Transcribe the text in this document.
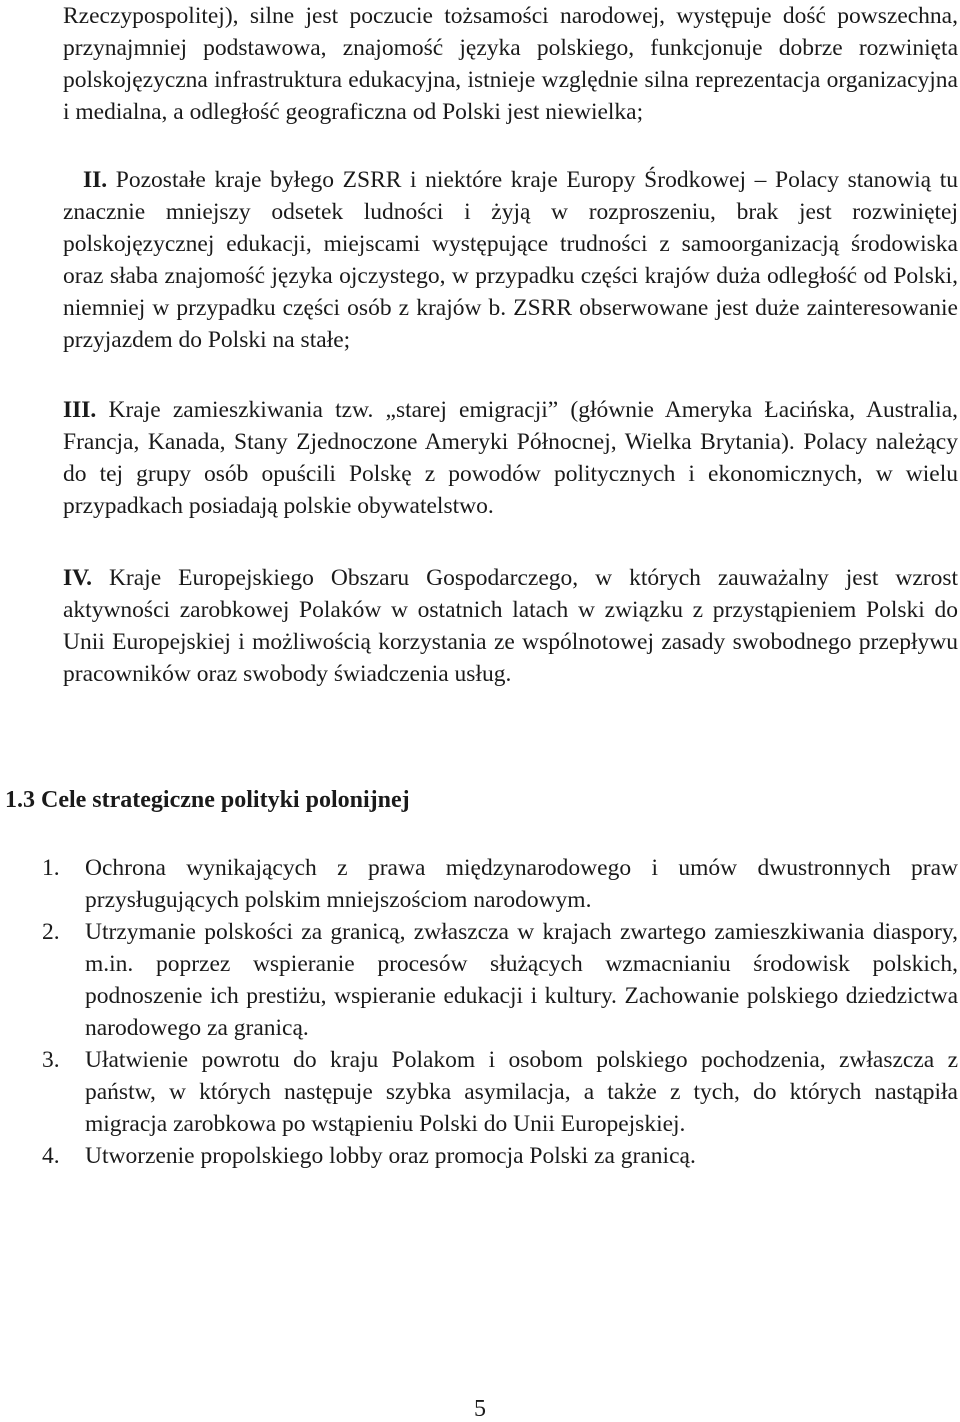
Rzeczypospolitej), silne jest poczucie tożsamości narodowej, występuje dość powszechna, przynajmniej podstawowa, znajomość języka polskiego, funkcjonuje dobrze rozwinięta polskojęzyczna infrastruktura edukacyjna, istnieje względnie silna reprezentacja organizacyjna i medialna, a odległość geograficzna od Polski jest niewielka;

II. Pozostałe kraje byłego ZSRR i niektóre kraje Europy Środkowej – Polacy stanowią tu znacznie mniejszy odsetek ludności i żyją w rozproszeniu, brak jest rozwiniętej polskojęzycznej edukacji, miejscami występujące trudności z samoorganizacją środowiska oraz słaba znajomość języka ojczystego, w przypadku części krajów duża odległość od Polski, niemniej w przypadku części osób z krajów b. ZSRR obserwowane jest duże zainteresowanie przyjazdem do Polski na stałe;

III. Kraje zamieszkiwania tzw. „starej emigracji” (głównie Ameryka Łacińska, Australia, Francja, Kanada, Stany Zjednoczone Ameryki Północnej, Wielka Brytania). Polacy należący do tej grupy osób opuścili Polskę z powodów politycznych i ekonomicznych, w wielu przypadkach posiadają polskie obywatelstwo.

IV. Kraje Europejskiego Obszaru Gospodarczego, w których zauważalny jest wzrost aktywności zarobkowej Polaków w ostatnich latach w związku z przystąpieniem Polski do Unii Europejskiej i możliwością korzystania ze wspólnotowej zasady swobodnego przepływu pracowników oraz swobody świadczenia usług.

1.3 Cele strategiczne polityki polonijnej
1. Ochrona wynikających z prawa międzynarodowego i umów dwustronnych praw przysługujących polskim mniejszościom narodowym.
2. Utrzymanie polskości za granicą, zwłaszcza w krajach zwartego zamieszkiwania diaspory, m.in. poprzez wspieranie procesów służących wzmacnianiu środowisk polskich, podnoszenie ich prestiżu, wspieranie edukacji i kultury. Zachowanie polskiego dziedzictwa narodowego za granicą.
3. Ułatwienie powrotu do kraju Polakom i osobom polskiego pochodzenia, zwłaszcza z państw, w których następuje szybka asymilacja, a także z tych, do których nastąpiła migracja zarobkowa po wstąpieniu Polski do Unii Europejskiej.
4. Utworzenie propolskiego lobby oraz promocja Polski za granicą.
5
